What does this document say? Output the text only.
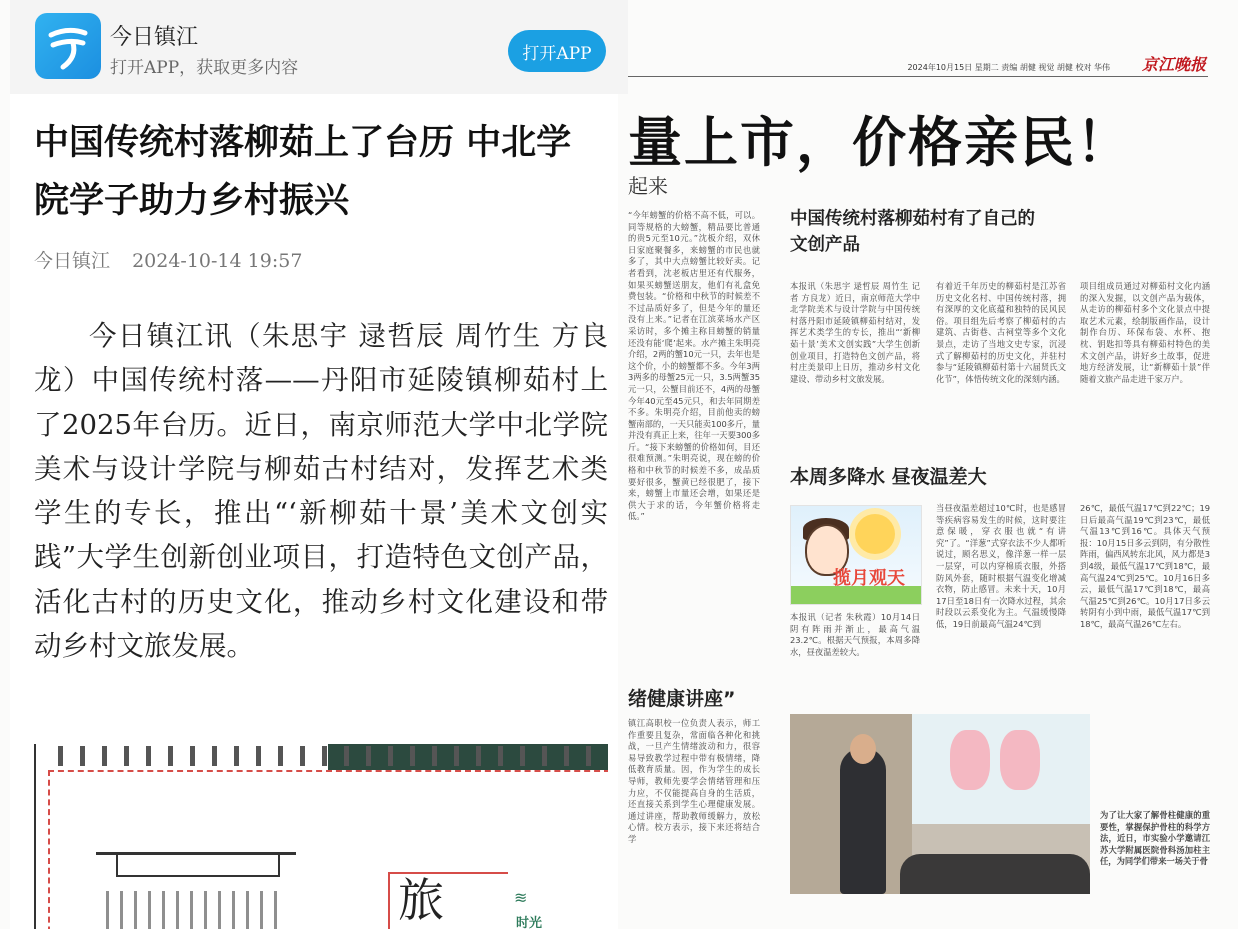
2024年10月15日 星期二 责编 胡健 视觉 胡健 校对 华伟 京江晚报
量上市，价格亲民！
起来
“今年螃蟹的价格不高不低，可以。同等规格的大螃蟹，精品要比普通的贵5元至10元。”沈板介绍，双休日家庭聚餐多，来螃蟹的市民也就多了，其中大点螃蟹比较好卖。记者看到，沈老板店里还有代服务，如果买螃蟹送朋友，他们有礼盒免费包装。“价格和中秋节的时候差不不过品质好多了，但是今年的量还没有上来。”记者在江滨菜场水产区采访时，多个摊主称目螃蟹的销量还没有能‘爬’起来。水产摊主朱明亮介绍，2两的蟹10元一只，去年也是这个价，小的螃蟹都不多。今年3两3两多的母蟹25元一只，3.5两蟹35元一只，公蟹目前还不，4两的母蟹今年40元至45元只，和去年同期差不多。朱明亮介绍，目前他卖的螃蟹南部的，一天只能卖100多斤，量并没有真正上来，往年一天要300多斤。“接下来螃蟹的价格如何，目还很难预测。”朱明亮说，现在螃的价格和中秋节的时候差不多，成品质要好很多，蟹黄已经很肥了，接下来，螃蟹上市量还会增，如果还是供大于求的话，今年蟹价格将走低。”
绪健康讲座”
镇江高职校一位负责人表示，师工作重要且复杂，常面临各种化和挑战，一旦产生情绪波动和力，很容易导致教学过程中带有极情绪，降低教育质量。因，作为学生的成长导师，教师先要学会情绪管理和压力应，不仅能提高自身的生活质，还直接关系到学生心理健康发展。通过讲座，帮助教师缓解力，放松心情。校方表示，接下来还将结合学
中国传统村落柳茹村有了自己的文创产品
本报讯（朱思宇 逯哲辰 周竹生 记者 方良龙）近日，南京师范大学中北学院美术与设计学院与中国传统村落丹阳市延陵镇柳茹村结对，发挥艺术类学生的专长，推出“‘新柳茹十景’美术文创实践”大学生创新创业项目，打造特色文创产品，将村庄美景印上日历，推动乡村文化建设、带动乡村文旅发展。
有着近千年历史的柳茹村是江苏省历史文化名村、中国传统村落，拥有深厚的文化底蕴和独特的民风民俗。项目组先后考察了柳茹村的古建筑、古街巷、古祠堂等多个文化景点，走访了当地文史专家，沉浸式了解柳茹村的历史文化，并驻村参与“延陵镇柳茹村第十六届贤氏文化节”，体悟传统文化的深刻内涵。
项目组成员通过对柳茹村文化内涵的深入发掘，以文创产品为载体，从走访的柳茹村多个文化景点中提取艺术元素，绘制版画作品，设计制作台历、环保布袋、水杯、抱枕、钥匙扣等具有柳茹村特色的美术文创产品，讲好乡土故事，促进地方经济发展，让“新柳茹十景”伴随着文旅产品走进千家万户。
本周多降水 昼夜温差大
揽月观天
本报讯（记者 朱秋霞）10月14日阴有阵雨并渐止，最高气温23.2℃。根据天气预报，本周多降水，昼夜温差较大。
当昼夜温差超过10℃时，也是感冒等疾病容易发生的时候，这时要注意保暖，穿衣服也就“有讲究”了。“洋葱”式穿衣法不少人都听说过，顾名思义，像洋葱一样一层一层穿，可以内穿棉质衣服，外搭防风外套，随时根据气温变化增减衣物，防止感冒。未来十天，10月17日至18日有一次降水过程，其余时段以云系变化为主。气温缓慢降低，19日前最高气温24℃到
26℃，最低气温17℃到22℃；19日后最高气温19℃到23℃，最低气温13℃到16℃。具体天气预报：10月15日多云到阴，有分散性阵雨，偏西风转东北风，风力都是3到4级，最低气温17℃到18℃，最高气温24℃到25℃。10月16日多云，最低气温17℃到18℃，最高气温25℃到26℃。10月17日多云转阴有小到中雨，最低气温17℃到18℃，最高气温26℃左右。
为了让大家了解骨柱健康的重要性，掌握保护骨柱的科学方法，近日，市实验小学邀请江苏大学附属医院骨科汤加柱主任，为同学们带来一场关于骨
今日镇江
打开APP，获取更多内容
打开APP
中国传统村落柳茹上了台历 中北学院学子助力乡村振兴
今日镇江 2024-10-14 19:57

今日镇江讯（朱思宇 逯哲辰 周竹生 方良龙）中国传统村落——丹阳市延陵镇柳茹村上了2025年台历。近日，南京师范大学中北学院美术与设计学院与柳茹古村结对，发挥艺术类学生的专长，推出“‘新柳茹十景’美术文创实践”大学生创新创业项目，打造特色文创产品，活化古村的历史文化，推动乡村文化建设和带动乡村文旅发展。

旅	≋
时光
